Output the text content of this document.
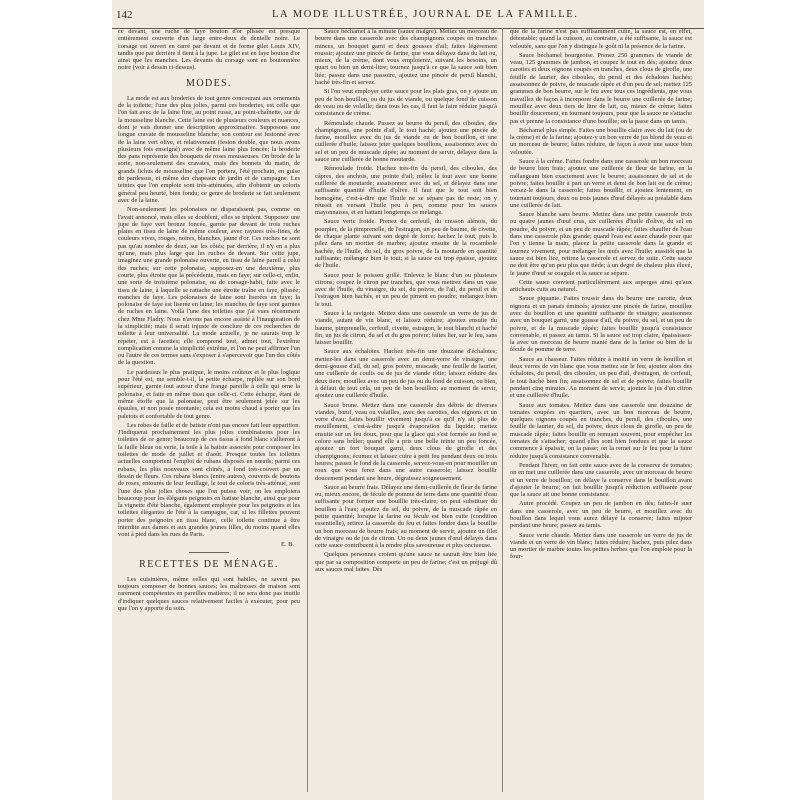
142	LA MODE ILLUSTRÉE, JOURNAL DE LA FAMILLE.

ce devant, une ruche de faye bouton d'or plissée est presque entièrement couverte d'un large entre-deux de dentelle noire. Le corsage est ouvert en carré par devant et de forme gilet Louis XIV, tandis que par derrière il tient à la jupe. Le gilet est en faye bouton d'or ainsi que les manches. Les devants du corsage sont en boutonnière noire (voir à dessin ci-dessus).

MODES.

La mode est aux broderies de tout genre concourant aux ornements de la toilette; l'une des plus jolies, parmi ces broderies, est celle que l'on fait avec de la laine fine, au point russe, au point-chaînette, sur de la mousseline blanche. Cette laine est de plusieurs couleurs et nuances, dont je vais donner une description approximative. Supposons une longue cravate de mousseline blanche; son contour est festonné avec de la laine vert olive, et relativement (feston double, que nous avons plusieurs fois enseigné) avec de même laine plus foncée; la broderie des pans représente des bouquets de roses mousseuses. On brode de la sorte, non-seulement des cravates, mais des bonnets du matin, de grands fichus de mousseline que l'on portera, l'été prochain, en guise de pardessus, et même des chapeaux de jardin et de campagne. Les teintes que l'on emploie sont très-atténuées, afin d'obtenir un coloris général peu heurté, bien fondu; ce genre de broderie se fait seulement avec de la laine.

Non-seulement les polonaises ne disparaissent pas, comme on l'avait annoncé, mais elles se doublent, elles se triplent. Supposez une jupe de faye vert bronze foncée, garnie par devant de trois ruches plates en tissu de laine de même couleur, avec rayures très-fines, de couleurs vives, rouges, noires, blanches, jaune d'or. Ces ruches ne sont pas qu'au nombre de deux, sur les côtés; par derrière, il n'y en a plus qu'une, mais plus large que les ruches de devant. Sur cette jupe, imaginez une grande polonaise ouverte, en tissu de laine pareil à celui des ruches; sur cette polonaise, supposez-en une deuxième, plus courte, plus étroite que la précédente, mais en faye; sur celle-ci, enfin, une sorte de troisième polonaise, ou de corsage-habit, faite avec le tissu de laine, à laquelle se rattache une étroite traîne en faye, plissée; manches de faye. Les polonaises de laine sont liserées en faye; la polonaise de faye est liserée en laine; les manches de faye sont garnies de ruches en laine. Voilà l'une des toilettes que j'ai vues récemment chez Mme Fladry. Nous n'avons pas encore assisté à l'inauguration de la simplicité; mais il serait injuste de conclure de ces recherches de toilette à leur universalité. La mode actuelle, je ne saurais trop le répéter, est à facettes; elle comprend tout, admet tout, l'extrême complication comme la simplicité extrême, et l'on ne peut affirmer l'un ou l'autre de ces termes sans s'exposer à s'apercevoir que l'un des côtés de la question.

Le pardessus le plus pratique, le moins coûteux et le plus logique pour l'été est, me semble-t-il, la petite écharpe, repliée sur son bord supérieur, garnie tout autour d'une frange pareille à celle qui orne la polonaise, et faite en même tissu que celle-ci. Cette écharpe, étant de même étoffe que la polonaise, peut être seulement jetée sur les épaules, et non posée montante; cela est moins chaud à porter que les paletots et confortable de tout genre.

Les robes de faille et de batiste n'ont pas encore fait leur apparition. J'indiquerai prochainement les plus jolies combinaisons pour les toilettes de ce genre; beaucoup de ces tissus à fond blanc s'allieront à la faille bleue ou verte, la toile à la batiste associée pour composer les toilettes de mode de juillet et d'août. Presque toutes les toilettes actuelles comportent l'emploi de rubans disposés en nœuds; parmi ces rubans, les plus nouveaux sont chinés, à fond très-couvert par un dessin de fleurs. Ces rubans blancs (entre autres), couverts de boutons de roses, entourés de leur feuillage, le tout de coloris très-atténué, sont l'une des plus jolies choses que l'on puisse voir; on les emploiera beaucoup pour les élégants peignoirs en batiste blanche, ainsi que pour la vignette d'été blanche, également employée pour les peignoirs et les toilettes élégantes de l'été à la campagne, car, si les fillettes peuvent porter des peignoirs en tissu blanc, celle toilette continue à être interdite aux dames et aux grandes jeunes filles, du moins quand elles vont à pied dans les rues de Paris.

E. B.
RECETTES DE MÉNAGE.

Les cuisinières, même celles qui sont habiles, ne savent pas toujours composer de bonnes sauces; les maîtresses de maison sont rarement compétentes en pareilles matières; il ne sera donc pas inutile d'indiquer quelques sauces relativement faciles à exécuter, pour peu que l'on y apporte du soin.

Sauce béchamel à la minute (sauce maigre). Mettez un morceau de beurre dans une casserole avec des champignons coupés en tranches minces, un bouquet garni et deux gousses d'ail; faites légèrement roussir; ajoutez une pincée de farine, que vous délayez dans du lait ou, mieux, de la crème, dont vous emploierez, suivant les besoins, un quart ou bien un demi-litre; tournez jusqu'à ce que la sauce soit bien liée; passez dans une passoire, ajoutez une pincée de persil blanchi, haché très-fin et servez.

Si l'on veut employer cette sauce pour les plats gras, on y ajoute un peu de bon bouillon, ou du jus de viande, ou quelque fond de cuisson de veau ou de volaille; dans tous les cas, il faut la faire réduire jusqu'à consistance de crème.

Rémoulade chaude. Passez au beurre du persil, des ciboules, des champignons, une pointe d'ail, le tout haché; ajoutez une pincée de farine, mouillez avec du jus de viande ou de bon bouillon, et une cuillerée d'huile; laissez jeter quelques bouillons, assaisonnez avec du sel et un peu de muscade râpée; au moment de servir, délayez dans la sauce une cuillerée de bonne moutarde.

Rémoulade froide. Hachez très-fin du persil, des ciboules, des câpres, des anchois, une pointe d'ail; mêlez le tout avec une bonne cuillerée de moutarde; assaisonnez avec du sel, et délayez dans une suffisante quantité d'huile d'olive. Il faut que le tout soit bien homogène, c'est-à-dire que l'huile ne se sépare pas de reste; on y réussit en versant l'huile peu à peu, comme pour les sauces mayonnaises, et en battant longtemps ce mélange.

Sauce verte froide. Prenez du cerfeuil, du cresson alénois, du pourpier, de la pimprenelle, de l'estragon, un peu de baume, de civette, de chaque plante suivant son degré de force; hachez le tout, puis le pilez dans un mortier de marbre; ajoutez ensuite de la rocambole hachée, de l'huile, du sel, du gros poivre, de la moutarde en quantité suffisante; mélangez bien le tout; si la sauce est trop épaisse, ajoutez de l'huile.

Sauce pour le poisson grillé. Enlevez le blanc d'un ou plusieurs citrons; coupez le citron par tranches, que vous mettrez dans un vase avec de l'huile, du vinaigre, du sel, du poivre, de l'ail, du persil et de l'estragon bien hachés, et un peu de piment en poudre; mélangez bien le tout.

Sauce à la ravigote. Mettez dans une casserole un verre de jus de viande, autant de vin blanc, et laissez réduire; ajoutez ensuite du baume, pimprenelle, cerfeuil, civette, estragon, le tout blanchi et haché fin, un jus de citron, du sel et du gros poivre; faites lier, sur le feu, sans laisser bouillir.

Sauce aux échalotes. Hachez très-fin une douzaine d'échalotes; mettez-les dans une casserole avec un demi-verre de vinaigre, une demi-gousse d'ail, du sel, gros poivre, muscade, une feuille de laurier, une cuillerée de coulis ou de jus de viande rôtie; laissez réduire des deux tiers; mouillez avec un peu de jus ou du fond de cuisson, ou bien, à défaut de tout cela, un peu de bon bouillon; au moment de servir, ajoutez une cuillerée d'huile.

Sauce brune. Mettez dans une casserole des débris de diverses viandes, bœuf, veau ou volailles, avec des carottes, des oignons et un verre d'eau; faites bouillir vivement jusqu'à ce qu'il n'y ait plus de mouillement, c'est-à-dire jusqu'à évaporation du liquide; mettez ensuite sur un feu doux, pour que la glace qui s'est formée au fond se colore sans brûler; quand elle a pris une belle teinte un peu foncée, ajoutez un fort bouquet garni, deux clous de girofle et des champignons; écumez et laissez cuire à petit feu pendant deux ou trois heures; passez le fond de la casserole, servez-vous-en pour mouiller un roux que vous ferez dans une autre casserole; laissez bouillir doucement pendant une heure, dégraissez soigneusement.

Sauce au beurre frais. Délayez une demi-cuillerée de fleur de farine ou, mieux encore, de fécule de pomme de terre dans une quantité d'eau suffisante pour former une bouillie très-claire; on peut substituer du bouillon à l'eau; ajoutez du sel, du poivre, de la muscade râpée en petite quantité; lorsque la farine ou fécule est bien cuite (condition essentielle), retirez la casserole du feu et faites fondre dans la bouillie un bon morceau de beurre frais; au moment de servir, ajoutez un filet de vinaigre ou de jus de citron. Un ou deux jaunes d'œuf délayés dans cette sauce contribuent à la rendre plus savoureuse et plus onctueuse.

Quelques personnes croient qu'une sauce ne saurait être bien liée que par sa composition comporte un peu de farine; c'est un préjugé dû aux sauces mal faites. Dès

que de la farine n'est pas suffisamment cuite, la sauce est, en effet, détestable; quand la cuisson, au contraire, a été suffisante, la sauce est veloutée, sans que l'on y distingue le goût ni la présence de la farine.

Sauce béchamel bourgeoise. Prenez 250 grammes de viande de veau, 125 grammes de jambon, et coupez le tout en dés; ajoutez deux carottes et deux oignons coupés en tranches, deux clous de girofle, une feuille de laurier, des ciboules, du persil et des échalotes hachés; assaisonnez de poivre, de muscade râpée et d'un peu de sel; mettez 125 grammes de bon beurre, sur le feu avec tous ces ingrédients, que vous travaillez de façon à incorporer dans le beurre une cuillerée de farine; mouillez avec deux tiers de litre de lait, ou, mieux de crème; faites bouillir doucement, en tournant toujours, pour que la sauce ne s'attache pas et prenne la consistance d'une bouillie; on la passe dans un tamis.

Béchamel plus simple. Faites une bouillie claire avec du lait (ou de la crème) et de la farine; ajoutez-y un bon verre de jus blond de veau et un morceau de beurre; faites réduire, de façon à avoir une sauce bien veloutée.

Sauce à la crème. Faites fondre dans une casserole un bon morceau de beurre bien frais; ajoutez une cuillerée de fleur de farine, en la mélangeant bien exactement avec le beurre; assaisonnez de sel et de poivre; faites bouillir à part un verre et demi de bon lait ou de crème; versez-le dans la casserole; faites bouillir, et ajoutez lentement, en tournant toujours, deux ou trois jaunes d'œuf délayés au préalable dans une cuillerée de lait.

Sauce blanche sans beurre. Mettez dans une petite casserole trois ou quatre jaunes d'œuf crus, six cuillerées d'huile d'olive, du sel en poudre, du poivre, et un peu de muscade râpée; faites chauffer de l'eau dans une casserole plus grande; quand l'eau est assez chaude pour que l'on y tienne la main, placez la petite casserole dans la grande et tournez vivement, pour mélanger les œufs avec l'huile; aussitôt que la sauce est bien liée, retirez la casserole et servez de suite. Cette sauce ne doit être qu'un peu plus que tiède; à un degré de chaleur plus élevé, le jaune d'œuf se coagule et la sauce se sépare.

Cette sauce convient particulièrement aux asperges ainsi qu'aux artichauts cuits au naturel.

Sauce piquante. Faites roussir dans du beurre une carotte, deux oignons et un panais émincés; ajoutez une pincée de farine, mouillez avec du bouillon et une quantité suffisante de vinaigre; assaisonnez avec un bouquet garni, une gousse d'ail, du poivre, du sel, et un peu de poivre, et de la muscade râpée; faites bouillir jusqu'à consistance convenable, et passez au tamis. Si la sauce est trop claire, épaississez-la avec un morceau de beurre manié dans de la farine ou bien de la fécule de pomme de terre.

Sauce au chasseur. Faites réduire à moitié un verre de bouillon et deux verres de vin blanc que vous mettez sur le feu; ajoutez alors des échalotes, du persil, des ciboules, un peu d'ail, d'estragon, de cerfeuil, le tout haché bien fin; assaisonnez de sel et de poivre; faites bouillir pendant cinq minutes. Au moment de servir, ajoutez le jus d'un citron et une cuillerée d'huile.

Sauce aux tomates. Mettez dans une casserole une douzaine de tomates coupées en quartiers, avec un bon morceau de beurre, quelques oignons coupés en tranches, du persil, des ciboules, une feuille de laurier, du sel, du poivre, deux clous de girofle, un peu de muscade râpée; faites bouillir en remuant souvent, pour empêcher les tomates de s'attacher; quand elles sont bien fondues et que la sauce commence à épaissir, on la passe; on la remet sur le feu pour la faire réduire jusqu'à consistance convenable.

Pendant l'hiver, on fait cette sauce avec de la conserve de tomates; on en met une cuillerée dans une casserole, avec un morceau de beurre et un verre de bouillon; on délaye la conserve dans le bouillon avant d'ajouter le beurre; on fait bouillir jusqu'à réduction suffisante pour que la sauce ait une bonne consistance.

Autre procédé. Coupez un peu de jambon en dés; faites-le suer dans une casserole, avec un peu de beurre, et mouillez avec du bouillon dans lequel vous aurez délayé la conserve; faites mijoter pendant une heure; passez au tamis.

Sauce verte chaude. Mettez dans une casserole un verre de jus de viande et un verre de vin blanc; faites réduire; hachez, puis pilez dans un mortier de marbre toutes les petites herbes que l'on emploie pour la four-
